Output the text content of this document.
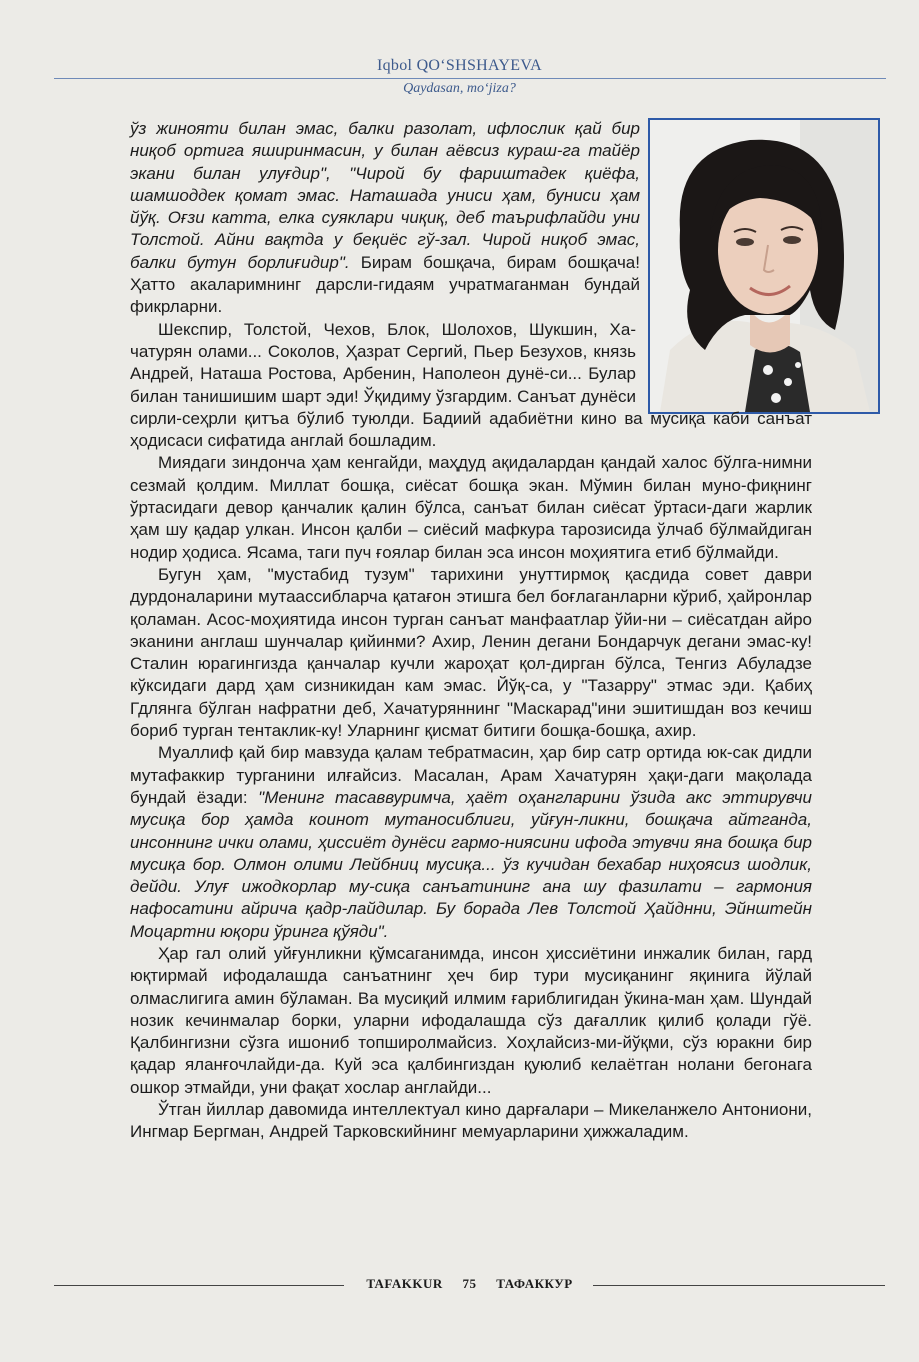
Iqbol QO‘SHSHAYEVA
Qaydasan, mo‘jiza?

ўз жинояти билан эмас, балки разолат, ифлослик қай бир ниқоб ортига яширинмасин, у билан аёвсиз кураш-га тайёр экани билан улуғдир", "Чирой бу фариштадек қиёфа, шамшоддек қомат эмас. Наташада униси ҳам, буниси ҳам йўқ. Оғзи катта, елка суяклари чиқиқ, деб таърифлайди уни Толстой. Айни вақтда у беқиёс гў-зал. Чирой ниқоб эмас, балки бутун борлиғидир". Бирам бошқача, бирам бошқача! Ҳатто акаларимнинг дарсли-гидаям учратмаганман бундай фикрларни.

Шекспир, Толстой, Чехов, Блок, Шолохов, Шукшин, Ха-чатурян олами... Соколов, Ҳазрат Сергий, Пьер Безухов, князь Андрей, Наташа Ростова, Арбенин, Наполеон дунё-си... Булар билан танишишим шарт эди! Ўқидиму ўзгардим. Санъат дунёси сирли-сеҳрли қитъа бўлиб туюлди. Бадиий адабиётни кино ва мусиқа каби санъат ҳодисаси сифатида англай бошладим.

Миядаги зиндонча ҳам кенгайди, маҳдуд ақидалардан қандай халос бўлга-нимни сезмай қолдим. Миллат бошқа, сиёсат бошқа экан. Мўмин билан муно-фиқнинг ўртасидаги девор қанчалик қалин бўлса, санъат билан сиёсат ўртаси-даги жарлик ҳам шу қадар улкан. Инсон қалби – сиёсий мафкура тарозисида ўлчаб бўлмайдиган нодир ҳодиса. Ясама, таги пуч ғоялар билан эса инсон моҳиятига етиб бўлмайди.

Бугун ҳам, "мустабид тузум" тарихини унуттирмоқ қасдида совет даври дурдоналарини мутаассибларча қатағон этишга бел боғлаганларни кўриб, ҳайронлар қоламан. Асос-моҳиятида инсон турган санъат манфаатлар ўйи-ни – сиёсатдан айро эканини англаш шунчалар қийинми? Ахир, Ленин дегани Бондарчук дегани эмас-ку! Сталин юрагингизда қанчалар кучли жароҳат қол-дирган бўлса, Тенгиз Абуладзе кўксидаги дард ҳам сизникидан кам эмас. Йўқ-са, у "Тазарру" этмас эди. Қабиҳ Гдлянга бўлган нафратни деб, Хачатуряннинг "Маскарад"ини эшитишдан воз кечиш бориб турган тентаклик-ку! Уларнинг қисмат битиги бошқа-бошқа, ахир.

Муаллиф қай бир мавзуда қалам тебратмасин, ҳар бир сатр ортида юк-сак дидли мутафаккир турганини илғайсиз. Масалан, Арам Хачатурян ҳақи-даги мақолада бундай ёзади: "Менинг тасаввуримча, ҳаёт оҳангларини ўзида акс эттирувчи мусиқа бор ҳамда коинот мутаносиблиги, уйғун-ликни, бошқача айтганда, инсоннинг ички олами, ҳиссиёт дунёси гармо-ниясини ифода этувчи яна бошқа бир мусиқа бор. Олмон олими Лейбниц мусиқа... ўз кучидан бехабар ниҳоясиз шодлик, дейди. Улуғ ижодкорлар му-сиқа санъатининг ана шу фазилати – гармония нафосатини айрича қадр-лайдилар. Бу борада Лев Толстой Ҳайднни, Эйнштейн Моцартни юқори ўринга қўяди".

Ҳар гал олий уйғунликни қўмсаганимда, инсон ҳиссиётини инжалик билан, гард юқтирмай ифодалашда санъатнинг ҳеч бир тури мусиқанинг яқинига йўлай олмаслигига амин бўламан. Ва мусиқий илмим ғариблигидан ўкина-ман ҳам. Шундай нозик кечинмалар борки, уларни ифодалашда сўз дағаллик қилиб қолади гўё. Қалбингизни сўзга ишониб топширолмайсиз. Хоҳлайсиз-ми-йўқми, сўз юракни бир қадар яланғочлайди-да. Куй эса қалбингиздан қуюлиб келаётган нолани бегонага ошкор этмайди, уни фақат хослар англайди...

Ўтган йиллар давомида интеллектуал кино дарғалари – Микеланжело Антониони, Ингмар Бергман, Андрей Тарковскийнинг мемуарларини ҳижжаладим.

TAFAKKUR 75 ТАФАККУР
